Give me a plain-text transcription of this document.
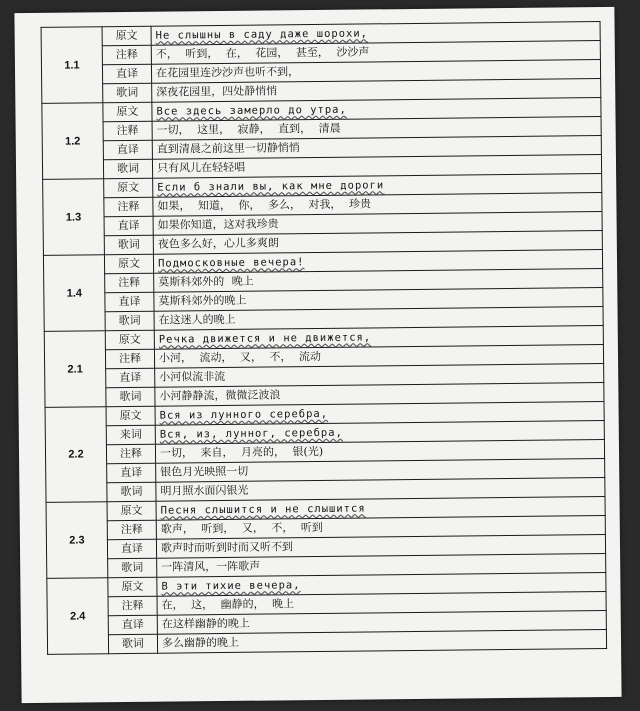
1.1	原文	Не слышны в саду даже шорохи,
	注释	不， 听到， 在， 花园， 甚至， 沙沙声
	直译	在花园里连沙沙声也听不到，
	歌词	深夜花园里，四处静悄悄
1.2	原文	Все здесь замерло до утра,
	注释	一切， 这里， 寂静， 直到， 清晨
	直译	直到清晨之前这里一切静悄悄
	歌词	只有风儿在轻轻唱
1.3	原文	Если б знали вы, как мне дороги
	注释	如果， 知道， 你， 多么， 对我， 珍贵
	直译	如果你知道，这对我珍贵
	歌词	夜色多么好，心儿多爽朗
1.4	原文	Подмосковные вечера!
	注释	莫斯科郊外的 晚上
	直译	莫斯科郊外的晚上
	歌词	在这迷人的晚上
2.1	原文	Речка движется и не движется,
	注释	小河， 流动， 又， 不， 流动
	直译	小河似流非流
	歌词	小河静静流，微微泛波浪
2.2	原文	Вся из лунного серебра,
	来词	Вся, из, лунног, серебра,
	注释	一切， 来自， 月亮的， 银(光)
	直译	银色月光映照一切
	歌词	明月照水面闪银光
2.3	原文	Песня слышится и не слышится
	注释	歌声， 听到， 又， 不， 听到
	直译	歌声时而听到时而又听不到
	歌词	一阵清风，一阵歌声
2.4	原文	В эти тихие вечера,
	注释	在， 这， 幽静的， 晚上
	直译	在这样幽静的晚上
	歌词	多么幽静的晚上
